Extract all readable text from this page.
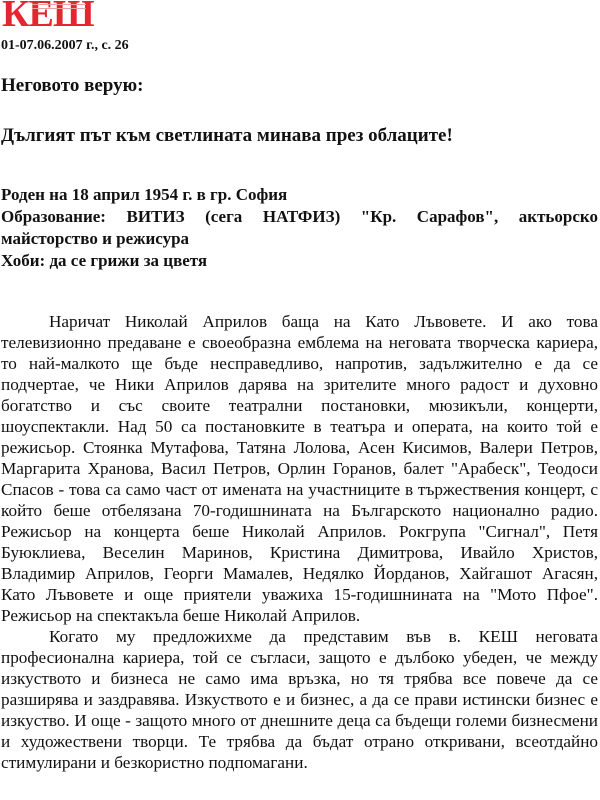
КЕШ
01-07.06.2007 г., с. 26
Неговото верую:
Дългият път към светлината минава през облаците!

Роден на 18 април 1954 г. в гр. София

Образование: ВИТИЗ (сега НАТФИЗ) "Кр. Сарафов", актьорско майсторство и режисура

Хоби: да се грижи за цветя

Наричат Николай Априлов баща на Като Лъвовете. И ако това телевизионно предаване е своеобразна емблема на неговата творческа кариера, то най-малкото ще бъде несправедливо, напротив, задължително е да се подчертае, че Ники Априлов дарява на зрителите много радост и духовно богатство и със своите театрални постановки, мюзикъли, концерти, шоуспектакли. Над 50 са постановките в театъра и операта, на които той е режисьор. Стоянка Мутафова, Татяна Лолова, Асен Кисимов, Валери Петров, Маргарита Хранова, Васил Петров, Орлин Горанов, балет "Арабеск", Теодоси Спасов - това са само част от имената на участниците в тържествения концерт, с който беше отбелязана 70-годишнината на Българското национално радио. Режисьор на концерта беше Николай Априлов. Рокгрупа "Сигнал", Петя Буюклиева, Веселин Маринов, Кристина Димитрова, Ивайло Христов, Владимир Априлов, Георги Мамалев, Недялко Йорданов, Хайгашот Агасян, Като Лъвовете и още приятели уважиха 15-годишнината на "Мото Пфое". Режисьор на спектакъла беше Николай Априлов.

Когато му предложихме да представим във в. КЕШ неговата професионална кариера, той се съгласи, защото е дълбоко убеден, че между изкуството и бизнеса не само има връзка, но тя трябва все повече да се разширява и заздравява. Изкуството е и бизнес, а да се прави истински бизнес е изкуство. И още - защото много от днешните деца са бъдещи големи бизнесмени и художествени творци. Те трябва да бъдат отрано откривани, всеотдайно стимулирани и безкористно подпомагани.
